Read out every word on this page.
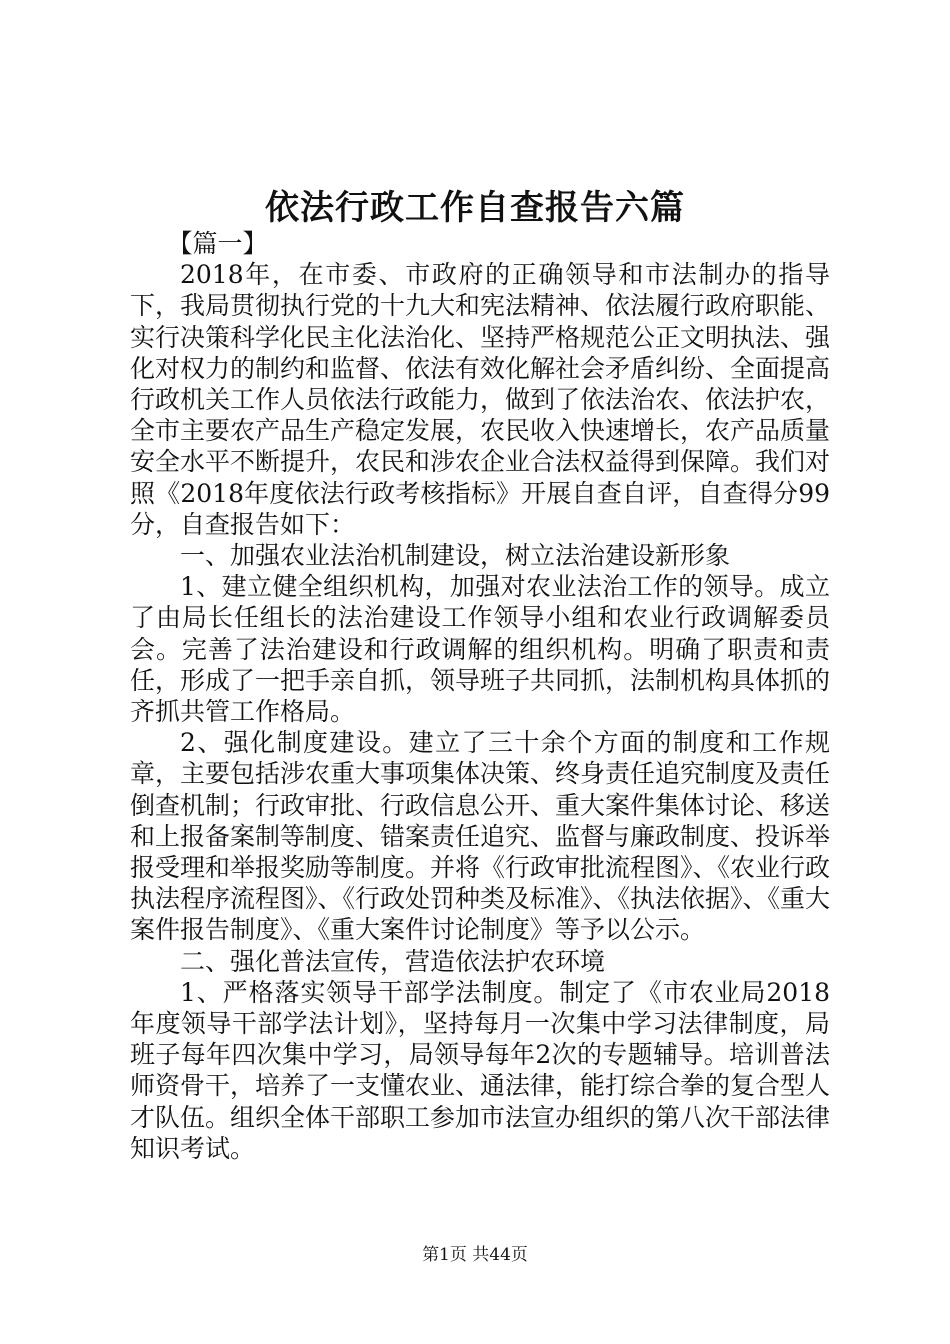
依法行政工作自查报告六篇

【篇一】

2018年，在市委、市政府的正确领导和市法制办的指导下，我局贯彻执行党的十九大和宪法精神、依法履行政府职能、实行决策科学化民主化法治化、坚持严格规范公正文明执法、强化对权力的制约和监督、依法有效化解社会矛盾纠纷、全面提高行政机关工作人员依法行政能力，做到了依法治农、依法护农，全市主要农产品生产稳定发展，农民收入快速增长，农产品质量安全水平不断提升，农民和涉农企业合法权益得到保障。我们对照《2018年度依法行政考核指标》开展自查自评，自查得分99分，自查报告如下：

一、加强农业法治机制建设，树立法治建设新形象

1、建立健全组织机构，加强对农业法治工作的领导。成立了由局长任组长的法治建设工作领导小组和农业行政调解委员会。完善了法治建设和行政调解的组织机构。明确了职责和责任，形成了一把手亲自抓，领导班子共同抓，法制机构具体抓的齐抓共管工作格局。

2、强化制度建设。建立了三十余个方面的制度和工作规章，主要包括涉农重大事项集体决策、终身责任追究制度及责任倒查机制；行政审批、行政信息公开、重大案件集体讨论、移送和上报备案制等制度、错案责任追究、监督与廉政制度、投诉举报受理和举报奖励等制度。并将《行政审批流程图》、《农业行政执法程序流程图》、《行政处罚种类及标准》、《执法依据》、《重大案件报告制度》、《重大案件讨论制度》等予以公示。

二、强化普法宣传，营造依法护农环境

1、严格落实领导干部学法制度。制定了《市农业局2018年度领导干部学法计划》，坚持每月一次集中学习法律制度，局班子每年四次集中学习，局领导每年2次的专题辅导。培训普法师资骨干，培养了一支懂农业、通法律，能打综合拳的复合型人才队伍。组织全体干部职工参加市法宣办组织的第八次干部法律知识考试。

第1页 共44页
